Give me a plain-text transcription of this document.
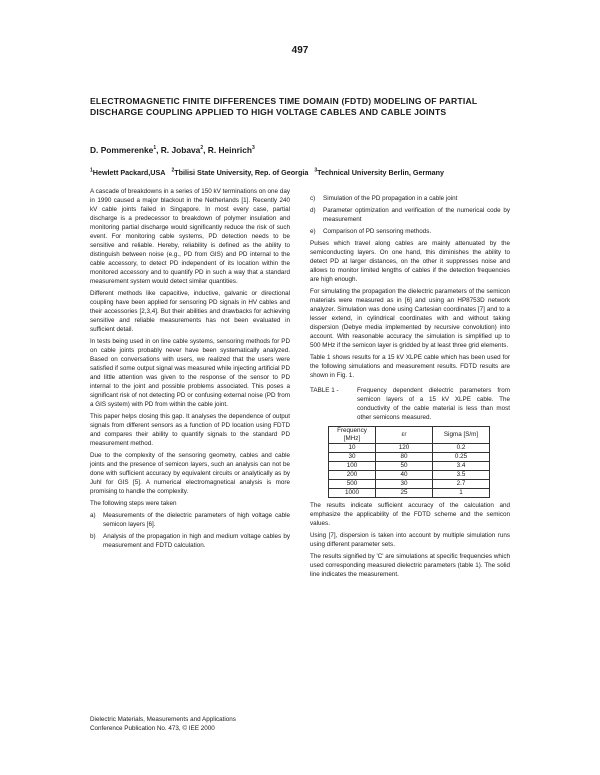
497
ELECTROMAGNETIC FINITE DIFFERENCES TIME DOMAIN (FDTD) MODELING OF PARTIAL DISCHARGE COUPLING APPLIED TO HIGH VOLTAGE CABLES AND CABLE JOINTS
D. Pommerenke$^1$, R. Jobava$^2$, R. Heinrich$^3$
$^1$Hewlett Packard,USA $^2$Tbilisi State University, Rep. of Georgia $^3$Technical University Berlin, Germany

A cascade of breakdowns in a series of 150 kV terminations on one day in 1990 caused a major blackout in the Netherlands [1]. Recently 240 kV cable joints failed in Singapore. In most every case, partial discharge is a predecessor to breakdown of polymer insulation and monitoring partial discharge would significantly reduce the risk of such event. For monitoring cable systems, PD detection needs to be sensitive and reliable. Hereby, reliability is defined as the ability to distinguish between noise (e.g., PD from GIS) and PD internal to the cable accessory, to detect PD independent of its location within the monitored accessory and to quantify PD in such a way that a standard measurement system would detect similar quantities.

Different methods like capacitive, inductive, galvanic or directional coupling have been applied for sensoring PD signals in HV cables and their accessories [2,3,4]. But their abilities and drawbacks for achieving sensitive and reliable measurements has not been evaluated in sufficient detail.

In tests being used in on line cable systems, sensoring methods for PD on cable joints probably never have been systematically analyzed. Based on conversations with users, we realized that the users were satisfied if some output signal was measured while injecting artificial PD and little attention was given to the response of the sensor to PD internal to the joint and possible problems associated. This poses a significant risk of not detecting PD or confusing external noise (PD from a GIS system) with PD from within the cable joint.

This paper helps closing this gap. It analyses the dependence of output signals from different sensors as a function of PD location using FDTD and compares their ability to quantify signals to the standard PD measurement method.

Due to the complexity of the sensoring geometry, cables and cable joints and the presence of semicon layers, such an analysis can not be done with sufficient accuracy by equivalent circuits or analytically as by Juhl for GIS [5]. A numerical electromagnetical analysis is more promising to handle the complexity.

The following steps were taken

a)	Measurements of the dielectric parameters of high voltage cable semicon layers [6].
b)	Analysis of the propagation in high and medium voltage cables by measurement and FDTD calculation.
c)	Simulation of the PD propagation in a cable joint
d)	Parameter optimization and verification of the numerical code by measurement
e)	Comparison of PD sensoring methods.

Pulses which travel along cables are mainly attenuated by the semiconducting layers. On one hand, this diminishes the ability to detect PD at larger distances, on the other it suppresses noise and allows to monitor limited lengths of cables if the detection frequencies are high enough.

For simulating the propagation the dielectric parameters of the semicon materials were measured as in [6] and using an HP8753D network analyzer. Simulation was done using Cartesian coordinates [7] and to a lesser extend, in cylindrical coordinates with and without taking dispersion (Debye media implemented by recursive convolution) into account. With reasonable accuracy the simulation is simplified up to 500 MHz if the semicon layer is gridded by at least three grid elements.

Table 1 shows results for a 15 kV XLPE cable which has been used for the following simulations and measurement results. FDTD results are shown in Fig. 1.

TABLE 1 -	Frequency dependent dielectric parameters from semicon layers of a 15 kV XLPE cable. The conductivity of the cable material is less than most other semicons measured.
Frequency [MHz]	εr	Sigma [S/m]
10	120	0.2
30	80	0.25
100	50	3.4
200	40	3.5
500	30	2.7
1000	25	1

The results indicate sufficient accuracy of the calculation and emphasize the applicability of the FDTD scheme and the semicon values.

Using [7], dispersion is taken into account by multiple simulation runs using different parameter sets.

The results signified by 'C' are simulations at specific frequencies which used corresponding measured dielectric parameters (table 1). The solid line indicates the measurement.

Dielectric Materials, Measurements and Applications
Conference Publication No. 473, © IEE 2000
